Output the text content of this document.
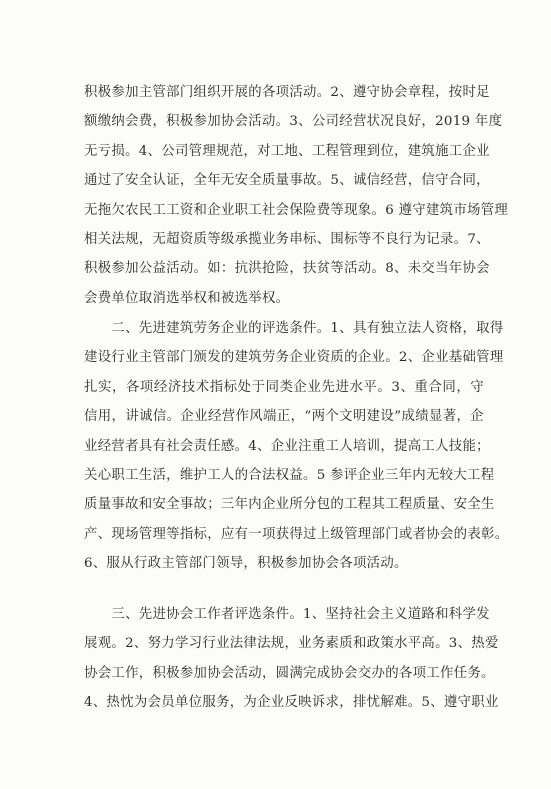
积极参加主管部门组织开展的各项活动。2、遵守协会章程，按时足
额缴纳会费，积极参加协会活动。3、公司经营状况良好，2019 年度
无亏损。4、公司管理规范，对工地、工程管理到位，建筑施工企业
通过了安全认证，全年无安全质量事故。5、诚信经营，信守合同，
无拖欠农民工工资和企业职工社会保险费等现象。6 遵守建筑市场管理
相关法规，无超资质等级承揽业务串标、围标等不良行为记录。7、
积极参加公益活动。如：抗洪抢险，扶贫等活动。8、未交当年协会
会费单位取消选举权和被选举权。
　　二、先进建筑劳务企业的评选条件。1、具有独立法人资格，取得
建设行业主管部门颁发的建筑劳务企业资质的企业。2、企业基础管理
扎实，各项经济技术指标处于同类企业先进水平。3、重合同，守
信用，讲诚信。企业经营作风端正，“两个文明建设”成绩显著，企
业经营者具有社会责任感。4、企业注重工人培训，提高工人技能；
关心职工生活，维护工人的合法权益。5 参评企业三年内无较大工程
质量事故和安全事故；三年内企业所分包的工程其工程质量、安全生
产、现场管理等指标，应有一项获得过上级管理部门或者协会的表彰。
6、服从行政主管部门领导，积极参加协会各项活动。
　　三、先进协会工作者评选条件。1、坚持社会主义道路和科学发
展观。2、努力学习行业法律法规，业务素质和政策水平高。3、热爱
协会工作，积极参加协会活动，圆满完成协会交办的各项工作任务。
4、热忱为会员单位服务，为企业反映诉求，排忧解难。5、遵守职业
